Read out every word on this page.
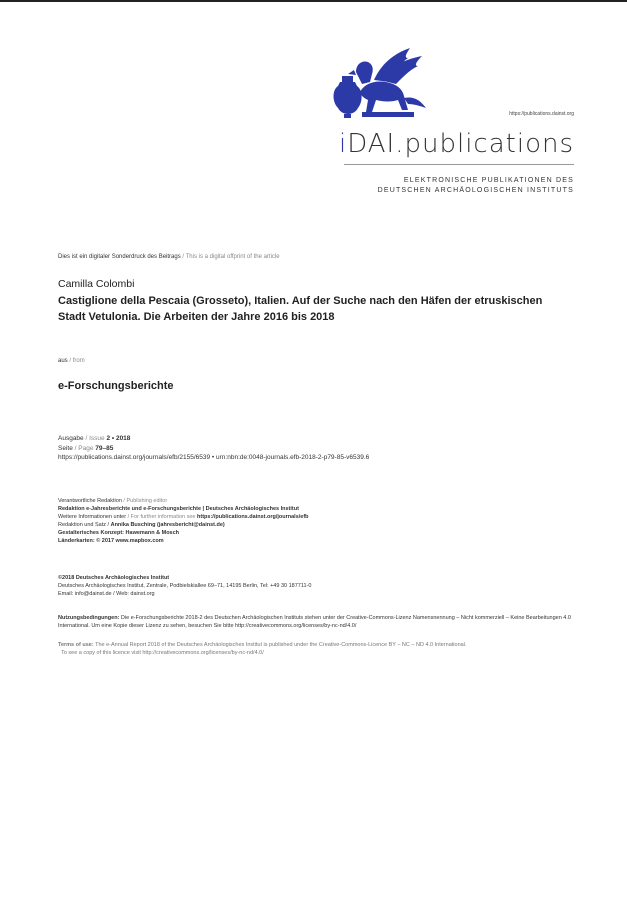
https://publications.dainst.org
iDAI.publications
ELEKTRONISCHE PUBLIKATIONEN DES
DEUTSCHEN ARCHÄOLOGISCHEN INSTITUTS
Dies ist ein digitaler Sonderdruck des Beitrags / This is a digital offprint of the article
Camilla Colombi
Castiglione della Pescaia (Grosseto), Italien. Auf der Suche nach den Häfen der etruskischen Stadt Vetulonia. Die Arbeiten der Jahre 2016 bis 2018
aus / from
e-Forschungsberichte
Ausgabe / Issue 2 • 2018
Seite / Page 79–85
https://publications.dainst.org/journals/efb/2155/6539 • urn:nbn:de:0048-journals.efb-2018-2-p79-85-v6539.6
Verantwortliche Redaktion / Publishing editor
Redaktion e-Jahresberichte und e-Forschungsberichte | Deutsches Archäologisches Institut
Weitere Informationen unter / For further information see https://publications.dainst.org/journals/efb
Redaktion und Satz / Annika Busching (jahresbericht@dainst.de)
Gestalterisches Konzept: Hawemann & Mosch
Länderkarten: © 2017 www.mapbox.com
©2018 Deutsches Archäologisches Institut
Deutsches Archäologisches Institut, Zentrale, Podbielskiallee 69–71, 14195 Berlin, Tel: +49 30 187711-0
Email: info@dainst.de / Web: dainst.org
Nutzungsbedingungen: Die e-Forschungsberichte 2018-2 des Deutschen Archäologischen Instituts stehen unter der Creative-Commons-Lizenz Namensnennung – Nicht kommerziell – Keine Bearbeitungen 4.0 International. Um eine Kopie dieser Lizenz zu sehen, besuchen Sie bitte http://creativecommons.org/licenses/by-nc-nd/4.0/
Terms of use: The e-Annual Report 2018 of the Deutsches Archäologisches Institut is published under the Creative-Commons-Licence BY – NC – ND 4.0 International.
To see a copy of this licence visit http://creativecommons.org/licenses/by-nc-nd/4.0/
